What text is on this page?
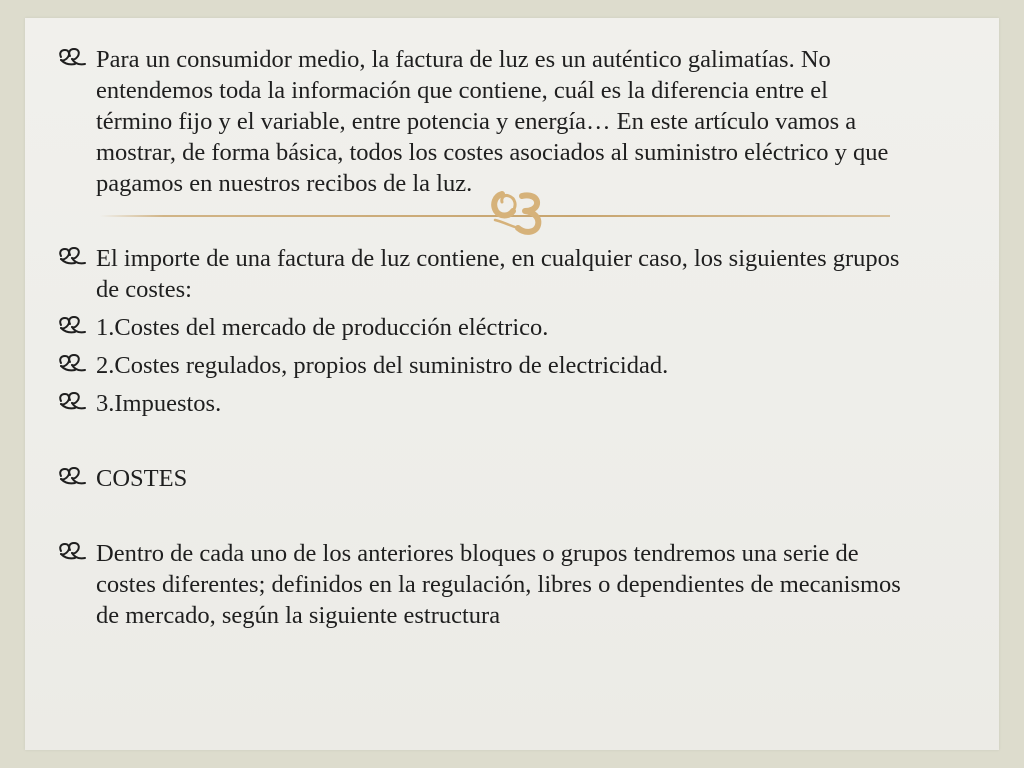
Para un consumidor medio, la factura de luz es un auténtico galimatías. No entendemos toda la información que contiene, cuál es la diferencia entre el término fijo y el variable, entre potencia y energía… En este artículo vamos a mostrar, de forma básica, todos los costes asociados al suministro eléctrico y que pagamos en nuestros recibos de la luz.
El importe de una factura de luz contiene, en cualquier caso, los siguientes grupos de costes:
1.Costes del mercado de producción eléctrico.
2.Costes regulados, propios del suministro de electricidad.
3.Impuestos.
COSTES
Dentro de cada uno de los anteriores bloques o grupos tendremos una serie de costes diferentes; definidos en la regulación, libres o dependientes de mecanismos de mercado, según la siguiente estructura
